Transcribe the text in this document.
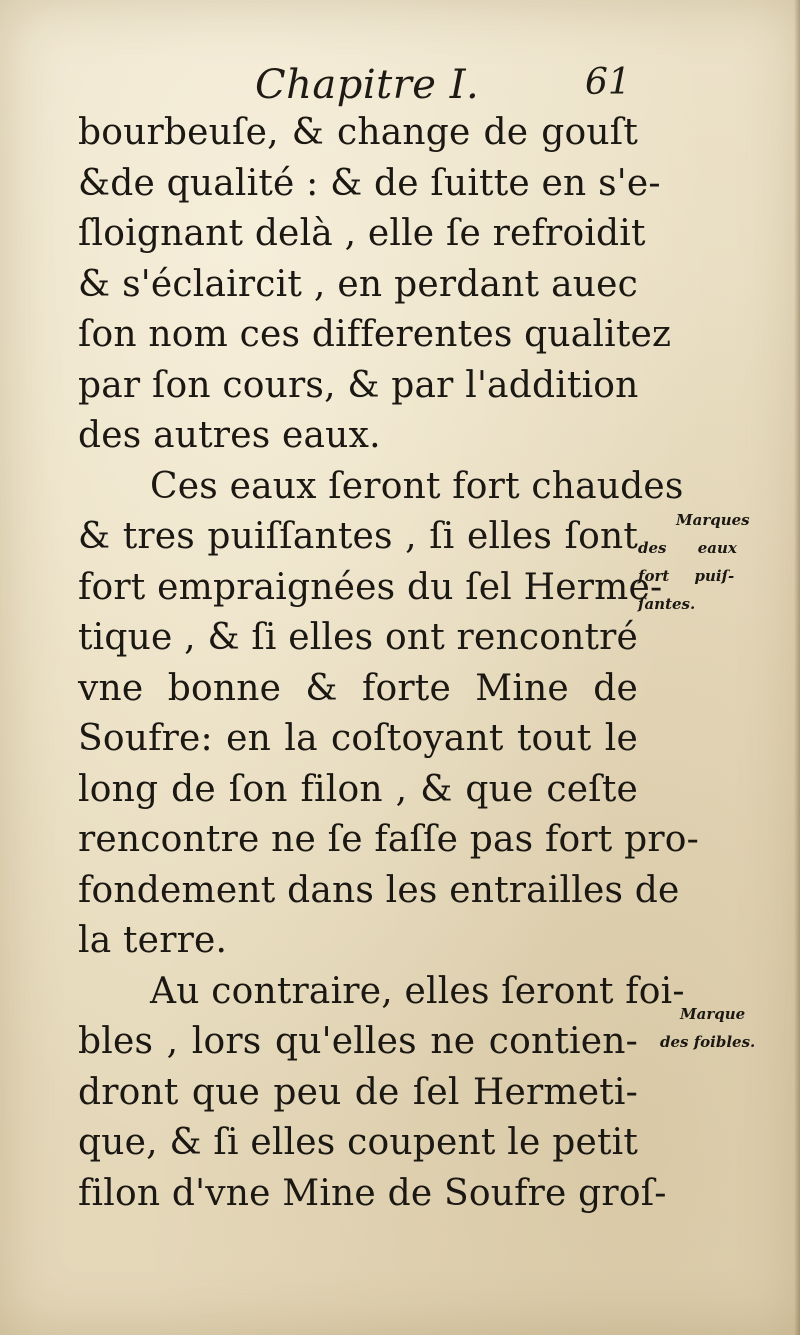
Chapitre I.	61
bourbeuſe, & change de gouſt
&de qualité : & de ſuitte en s'e-
ſloignant delà , elle ſe refroidit
& s'éclaircit , en perdant auec
ſon nom ces differentes qualitez
par ſon cours, & par l'addition
des autres eaux.
Ces eaux ſeront fort chaudes
& tres puiſſantes , ſi elles ſont
fort empraignées du ſel Herme-
tique , & ſi elles ont rencontré
vne bonne & forte Mine de
Soufre: en la coſtoyant tout le
long de ſon filon , & que ceſte
rencontre ne ſe faſſe pas fort pro-
fondement dans les entrailles de
la terre.
Au contraire, elles ſeront foi-
bles , lors qu'elles ne contien-
dront que peu de ſel Hermeti-
que, & ſi elles coupent le petit
filon d'vne Mine de Soufre groſ-
Marques
des eaux
fort puiſ-
ſantes.
Marque
des foibles.
